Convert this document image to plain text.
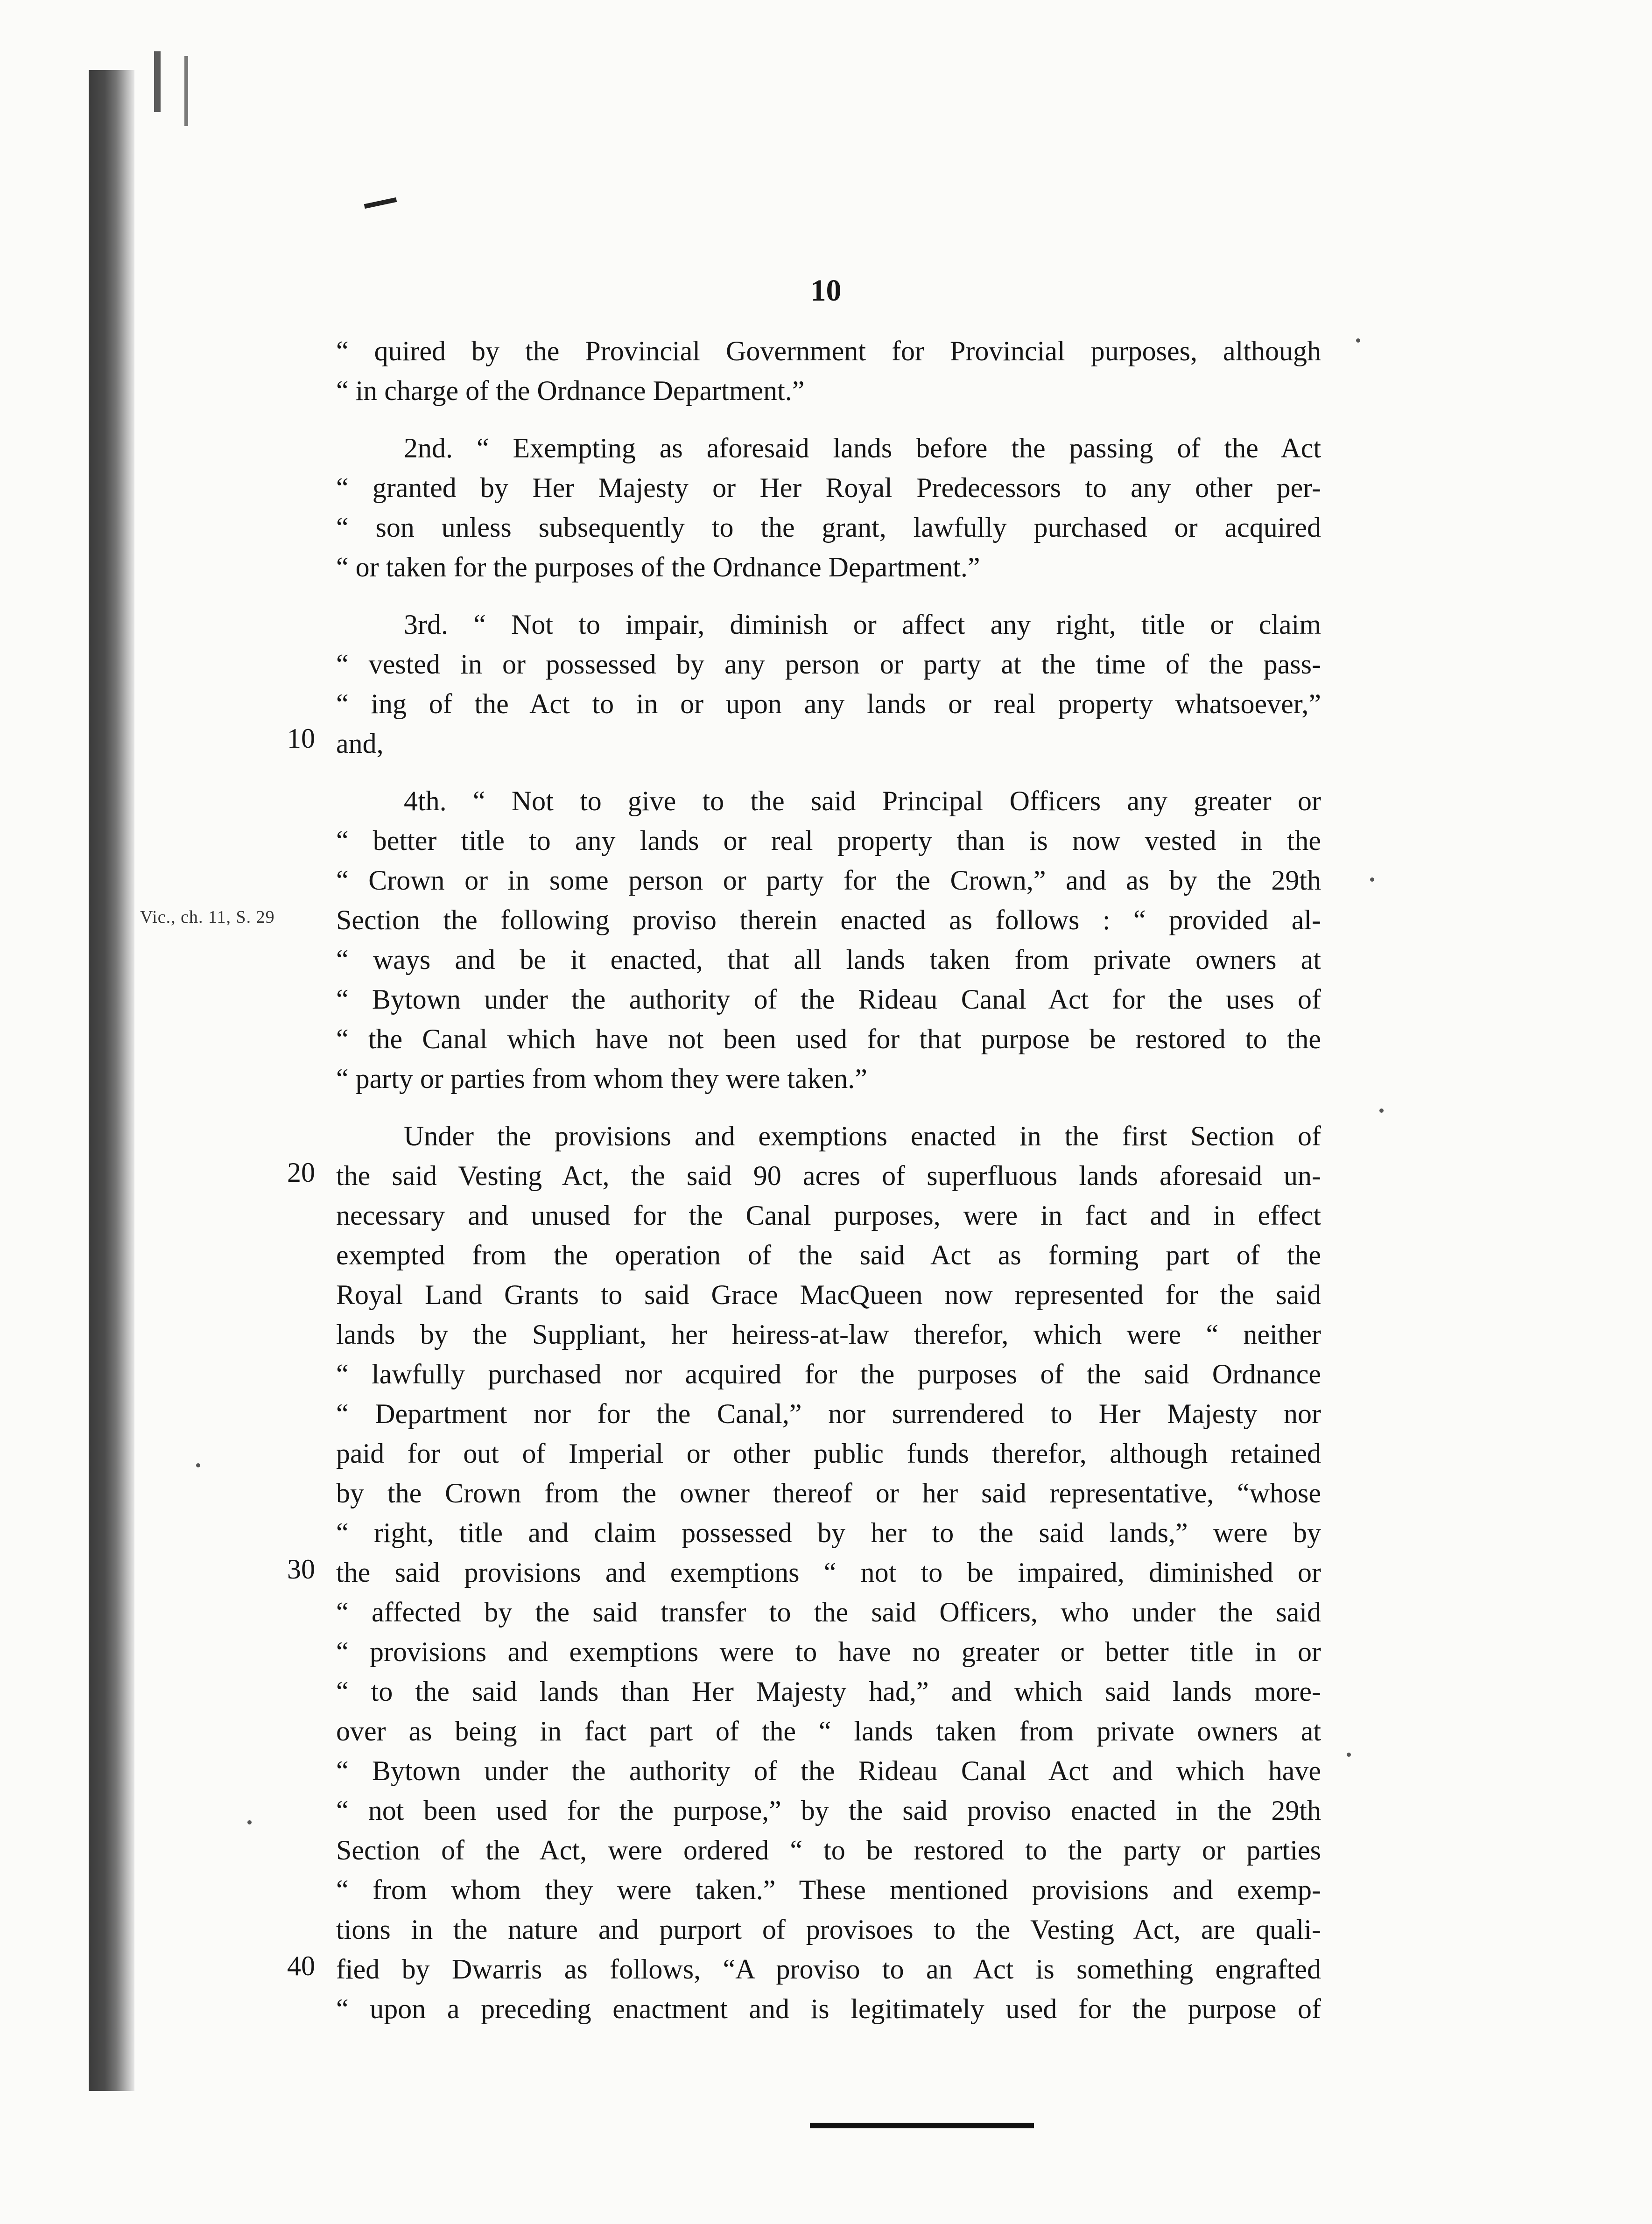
10
Vic., ch. 11, S. 29
10
20
30
40
“ quired by the Provincial Government for Provincial purposes, although
“ in charge of the Ordnance Department.”
2nd. “ Exempting as aforesaid lands before the passing of the Act
“ granted by Her Majesty or Her Royal Predecessors to any other per-
“ son unless subsequently to the grant, lawfully purchased or acquired
“ or taken for the purposes of the Ordnance Department.”
3rd. “ Not to impair, diminish or affect any right, title or claim
“ vested in or possessed by any person or party at the time of the pass-
“ ing of the Act to in or upon any lands or real property whatsoever,”
and,
4th. “ Not to give to the said Principal Officers any greater or
“ better title to any lands or real property than is now vested in the
“ Crown or in some person or party for the Crown,” and as by the 29th
Section the following proviso therein enacted as follows : “ provided al-
“ ways and be it enacted, that all lands taken from private owners at
“ Bytown under the authority of the Rideau Canal Act for the uses of
“ the Canal which have not been used for that purpose be restored to the
“ party or parties from whom they were taken.”
Under the provisions and exemptions enacted in the first Section of
the said Vesting Act, the said 90 acres of superfluous lands aforesaid un-
necessary and unused for the Canal purposes, were in fact and in effect
exempted from the operation of the said Act as forming part of the
Royal Land Grants to said Grace MacQueen now represented for the said
lands by the Suppliant, her heiress-at-law therefor, which were “ neither
“ lawfully purchased nor acquired for the purposes of the said Ordnance
“ Department nor for the Canal,” nor surrendered to Her Majesty nor
paid for out of Imperial or other public funds therefor, although retained
by the Crown from the owner thereof or her said representative, “whose
“ right, title and claim possessed by her to the said lands,” were by
the said provisions and exemptions “ not to be impaired, diminished or
“ affected by the said transfer to the said Officers, who under the said
“ provisions and exemptions were to have no greater or better title in or
“ to the said lands than Her Majesty had,” and which said lands more-
over as being in fact part of the “ lands taken from private owners at
“ Bytown under the authority of the Rideau Canal Act and which have
“ not been used for the purpose,” by the said proviso enacted in the 29th
Section of the Act, were ordered “ to be restored to the party or parties
“ from whom they were taken.” These mentioned provisions and exemp-
tions in the nature and purport of provisoes to the Vesting Act, are quali-
fied by Dwarris as follows, “A proviso to an Act is something engrafted
“ upon a preceding enactment and is legitimately used for the purpose of
